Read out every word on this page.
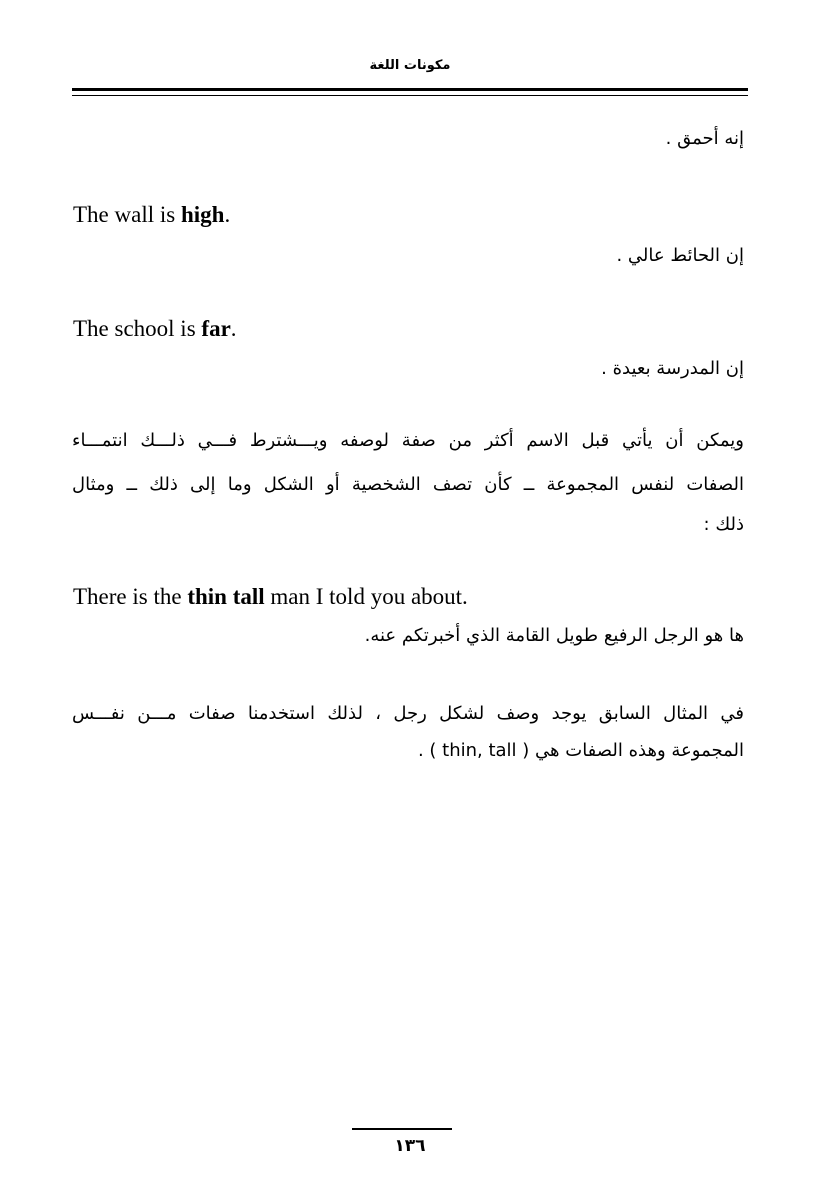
مكونات اللغة
إنه أحمق .
The wall is high.
إن الحائط عالي .
The school is far.
إن المدرسة بعيدة .
ويمكن أن يأتي قبل الاسم أكثر من صفة لوصفه ويـــشترط فـــي ذلـــك انتمـــاء
الصفات لنفس المجموعة ــ كأن تصف الشخصية أو الشكل وما إلى ذلك ــ ومثال
ذلك :
There is the thin tall man I told you about.
ها هو الرجل الرفيع طويل القامة الذي أخبرتكم عنه.
في المثال السابق يوجد وصف لشكل رجل ، لذلك استخدمنا صفات مـــن نفـــس
المجموعة وهذه الصفات هي ( thin, tall ) .
١٣٦
